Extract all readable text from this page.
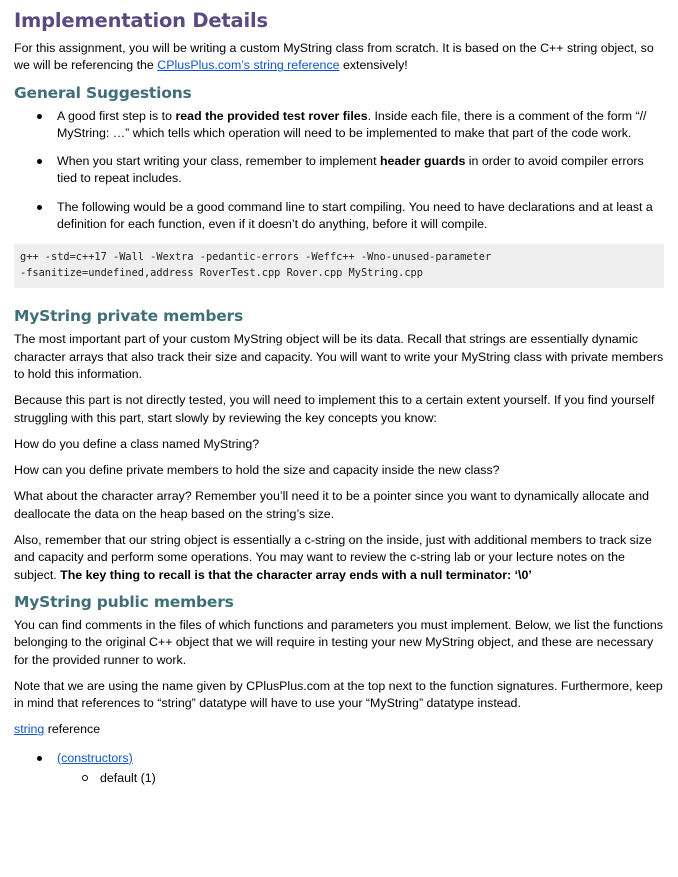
Implementation Details

For this assignment, you will be writing a custom MyString class from scratch. It is based on the C++ string object, so we will be referencing the CPlusPlus.com’s string reference extensively!

General Suggestions
A good first step is to read the provided test rover files. Inside each file, there is a comment of the form “// MyString: …” which tells which operation will need to be implemented to make that part of the code work.
When you start writing your class, remember to implement header guards in order to avoid compiler errors tied to repeat includes.
The following would be a good command line to start compiling. You need to have declarations and at least a definition for each function, even if it doesn’t do anything, before it will compile.
g++ -std=c++17 -Wall -Wextra -pedantic-errors -Weffc++ -Wno-unused-parameter
-fsanitize=undefined,address RoverTest.cpp Rover.cpp MyString.cpp
MyString private members

The most important part of your custom MyString object will be its data. Recall that strings are essentially dynamic character arrays that also track their size and capacity. You will want to write your MyString class with private members to hold this information.

Because this part is not directly tested, you will need to implement this to a certain extent yourself. If you find yourself struggling with this part, start slowly by reviewing the key concepts you know:

How do you define a class named MyString?

How can you define private members to hold the size and capacity inside the new class?

What about the character array? Remember you’ll need it to be a pointer since you want to dynamically allocate and deallocate the data on the heap based on the string’s size.

Also, remember that our string object is essentially a c-string on the inside, just with additional members to track size and capacity and perform some operations. You may want to review the c-string lab or your lecture notes on the subject. The key thing to recall is that the character array ends with a null terminator: ‘\0’

MyString public members

You can find comments in the files of which functions and parameters you must implement. Below, we list the functions belonging to the original C++ object that we will require in testing your new MyString object, and these are necessary for the provided runner to work.

Note that we are using the name given by CPlusPlus.com at the top next to the function signatures. Furthermore, keep in mind that references to “string” datatype will have to use your “MyString” datatype instead.

string reference

(constructors)
default (1)
